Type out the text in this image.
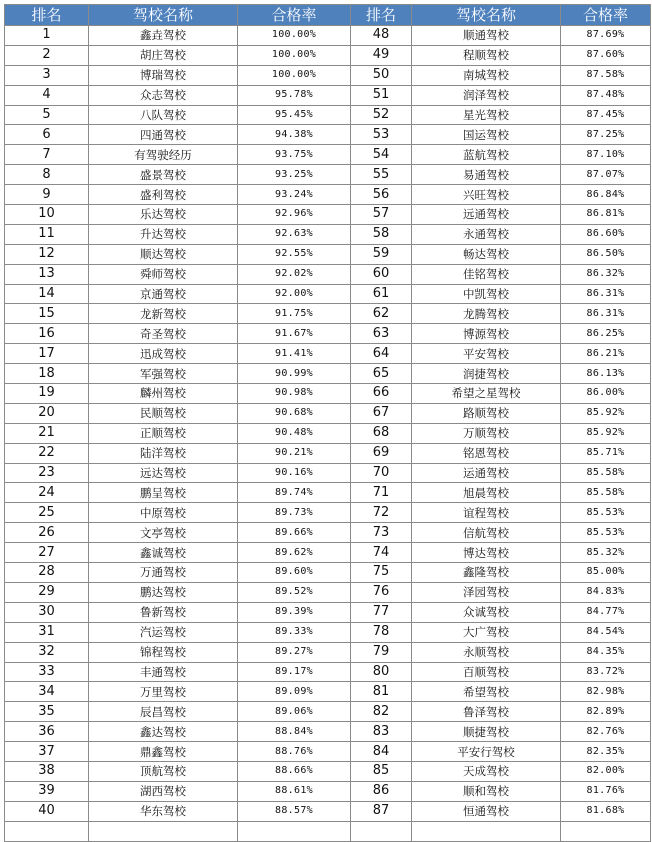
排名	驾校名称	合格率	排名	驾校名称	合格率
1	鑫垚驾校	100.00%	48	顺通驾校	87.69%
2	胡庄驾校	100.00%	49	程顺驾校	87.60%
3	博瑞驾校	100.00%	50	南城驾校	87.58%
4	众志驾校	95.78%	51	润泽驾校	87.48%
5	八队驾校	95.45%	52	星光驾校	87.45%
6	四通驾校	94.38%	53	国运驾校	87.25%
7	有驾驶经历	93.75%	54	蓝航驾校	87.10%
8	盛景驾校	93.25%	55	易通驾校	87.07%
9	盛利驾校	93.24%	56	兴旺驾校	86.84%
10	乐达驾校	92.96%	57	远通驾校	86.81%
11	升达驾校	92.63%	58	永通驾校	86.60%
12	顺达驾校	92.55%	59	畅达驾校	86.50%
13	舜师驾校	92.02%	60	佳铭驾校	86.32%
14	京通驾校	92.00%	61	中凯驾校	86.31%
15	龙新驾校	91.75%	62	龙腾驾校	86.31%
16	奇圣驾校	91.67%	63	博源驾校	86.25%
17	迅成驾校	91.41%	64	平安驾校	86.21%
18	军强驾校	90.99%	65	润捷驾校	86.13%
19	麟州驾校	90.98%	66	希望之星驾校	86.00%
20	民顺驾校	90.68%	67	路顺驾校	85.92%
21	正顺驾校	90.48%	68	万顺驾校	85.92%
22	陆洋驾校	90.21%	69	铭恩驾校	85.71%
23	远达驾校	90.16%	70	运通驾校	85.58%
24	鹏呈驾校	89.74%	71	旭晨驾校	85.58%
25	中原驾校	89.73%	72	谊程驾校	85.53%
26	文亭驾校	89.66%	73	信航驾校	85.53%
27	鑫诚驾校	89.62%	74	博达驾校	85.32%
28	万通驾校	89.60%	75	鑫隆驾校	85.00%
29	鹏达驾校	89.52%	76	泽园驾校	84.83%
30	鲁新驾校	89.39%	77	众诚驾校	84.77%
31	汽运驾校	89.33%	78	大广驾校	84.54%
32	锦程驾校	89.27%	79	永顺驾校	84.35%
33	丰通驾校	89.17%	80	百顺驾校	83.72%
34	万里驾校	89.09%	81	希望驾校	82.98%
35	辰昌驾校	89.06%	82	鲁泽驾校	82.89%
36	鑫达驾校	88.84%	83	顺捷驾校	82.76%
37	鼎鑫驾校	88.76%	84	平安行驾校	82.35%
38	顶航驾校	88.66%	85	天成驾校	82.00%
39	湖西驾校	88.61%	86	顺和驾校	81.76%
40	华东驾校	88.57%	87	恒通驾校	81.68%
